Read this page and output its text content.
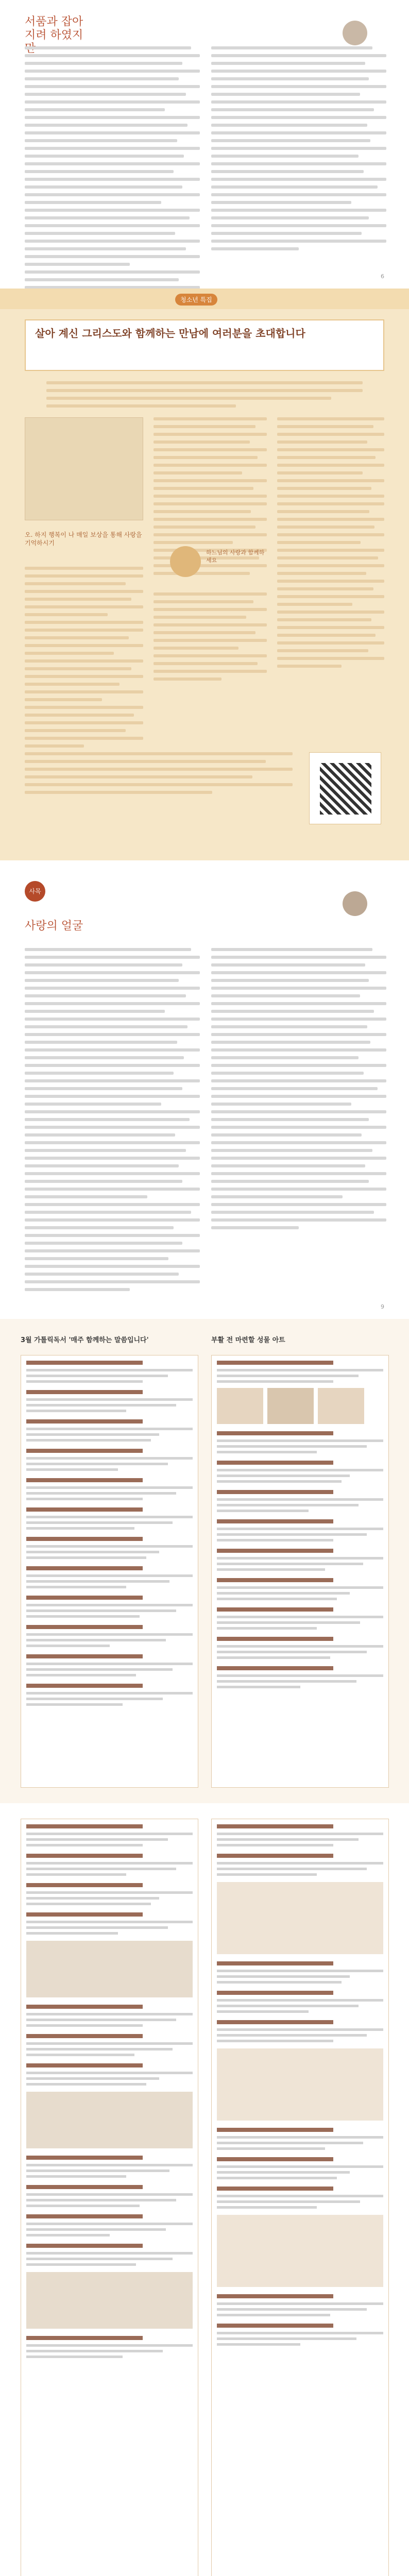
서품과 잡아지려 하였지
6
청소년 특집
살아 계신 그리스도와 함께하는 만남에 여러분을 초대합니다
오. 하지 행복이 나 매일 보상을 통해 사랑을 기억하시기
하느님의 사랑과 함께하세요
사목
사랑의 얼굴
9
3월 가톨릭독서 '매주 함께하는 말씀입니다'	부활 전 마련할 성물 아트
